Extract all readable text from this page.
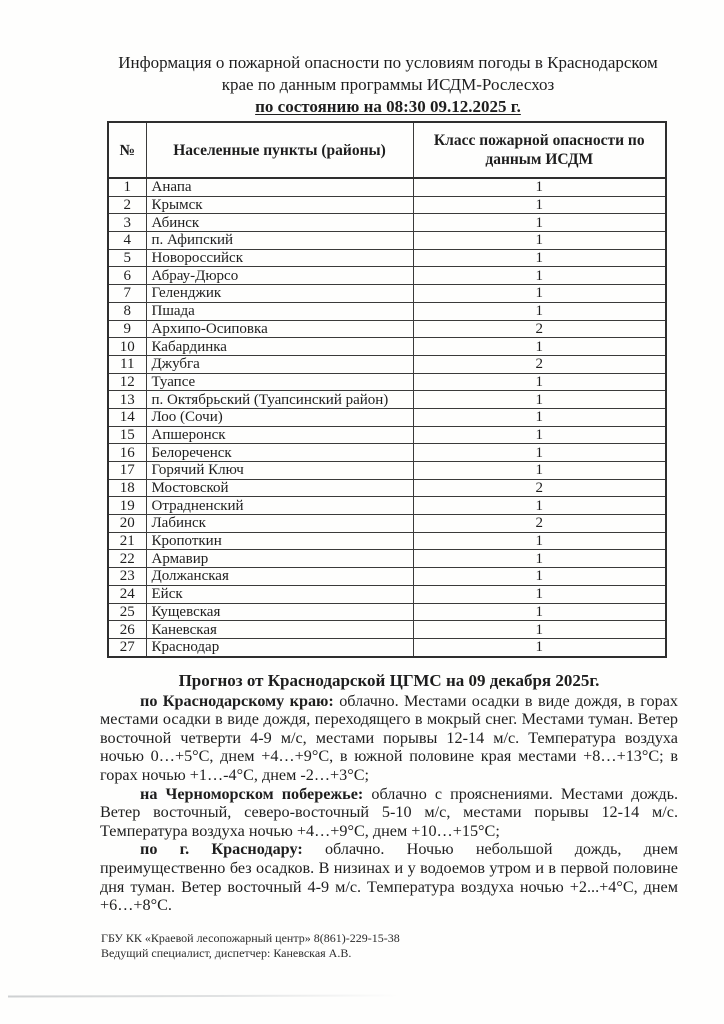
Информация о пожарной опасности по условиям погоды в Краснодарском
крае по данным программы ИСДМ-Рослесхоз
по состоянию на 08:30 09.12.2025 г.
№	Населенные пункты (районы)	Класс пожарной опасности по данным ИСДМ
1	Анапа	1
2	Крымск	1
3	Абинск	1
4	п. Афипский	1
5	Новороссийск	1
6	Абрау-Дюрсо	1
7	Геленджик	1
8	Пшада	1
9	Архипо-Осиповка	2
10	Кабардинка	1
11	Джубга	2
12	Туапсе	1
13	п. Октябрьский (Туапсинский район)	1
14	Лоо (Сочи)	1
15	Апшеронск	1
16	Белореченск	1
17	Горячий Ключ	1
18	Мостовской	2
19	Отрадненский	1
20	Лабинск	2
21	Кропоткин	1
22	Армавир	1
23	Должанская	1
24	Ейск	1
25	Кущевская	1
26	Каневская	1
27	Краснодар	1
Прогноз от Краснодарской ЦГМС на 09 декабря 2025г.

по Краснодарскому краю: облачно. Местами осадки в виде дождя, в горах местами осадки в виде дождя, переходящего в мокрый снег. Местами туман. Ветер восточной четверти 4-9 м/с, местами порывы 12-14 м/с. Температура воздуха ночью 0…+5°С, днем +4…+9°С, в южной половине края местами +8…+13°С; в горах ночью +1…-4°С, днем -2…+3°С;

на Черноморском побережье: облачно с прояснениями. Местами дождь. Ветер восточный, северо-восточный 5-10 м/с, местами порывы 12-14 м/с. Температура воздуха ночью +4…+9°С, днем +10…+15°С;

по г. Краснодару: облачно. Ночью небольшой дождь, днем преимущественно без осадков. В низинах и у водоемов утром и в первой половине дня туман. Ветер восточный 4-9 м/с. Температура воздуха ночью +2...+4°С, днем +6…+8°С.

ГБУ КК «Краевой лесопожарный центр» 8(861)-229-15-38
Ведущий специалист, диспетчер: Каневская А.В.
